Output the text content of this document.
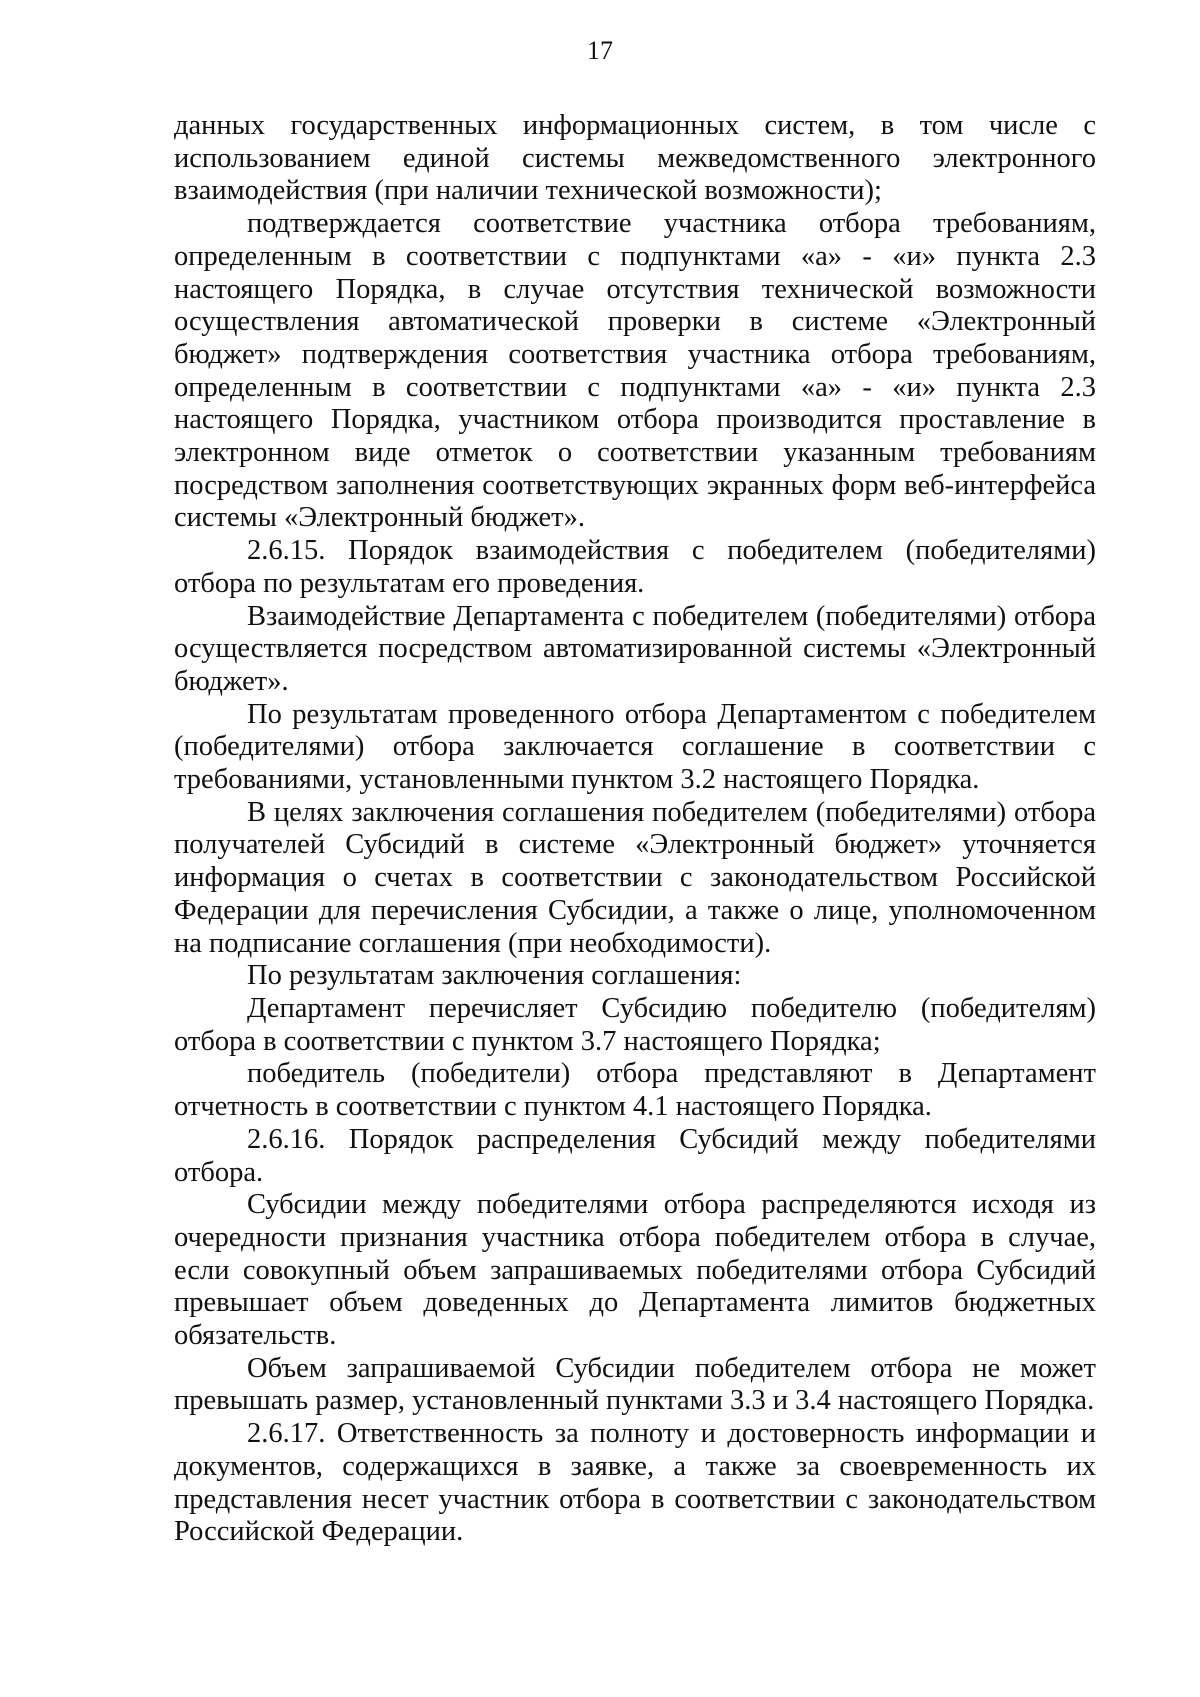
17

данных государственных информационных систем, в том числе с использованием единой системы межведомственного электронного взаимодействия (при наличии технической возможности);

подтверждается соответствие участника отбора требованиям, определенным в соответствии с подпунктами «а» - «и» пункта 2.3 настоящего Порядка, в случае отсутствия технической возможности осуществления автоматической проверки в системе «Электронный бюджет» подтверждения соответствия участника отбора требованиям, определенным в соответствии с подпунктами «а» - «и» пункта 2.3 настоящего Порядка, участником отбора производится проставление в электронном виде отметок о соответствии указанным требованиям посредством заполнения соответствующих экранных форм веб-интерфейса системы «Электронный бюджет».

2.6.15. Порядок взаимодействия с победителем (победителями) отбора по результатам его проведения.

Взаимодействие Департамента с победителем (победителями) отбора осуществляется посредством автоматизированной системы «Электронный бюджет».

По результатам проведенного отбора Департаментом с победителем (победителями) отбора заключается соглашение в соответствии с требованиями, установленными пунктом 3.2 настоящего Порядка.

В целях заключения соглашения победителем (победителями) отбора получателей Субсидий в системе «Электронный бюджет» уточняется информация о счетах в соответствии с законодательством Российской Федерации для перечисления Субсидии, а также о лице, уполномоченном на подписание соглашения (при необходимости).

По результатам заключения соглашения:

Департамент перечисляет Субсидию победителю (победителям) отбора в соответствии с пунктом 3.7 настоящего Порядка;

победитель (победители) отбора представляют в Департамент отчетность в соответствии с пунктом 4.1 настоящего Порядка.

2.6.16. Порядок распределения Субсидий между победителями отбора.

Субсидии между победителями отбора распределяются исходя из очередности признания участника отбора победителем отбора в случае, если совокупный объем запрашиваемых победителями отбора Субсидий превышает объем доведенных до Департамента лимитов бюджетных обязательств.

Объем запрашиваемой Субсидии победителем отбора не может превышать размер, установленный пунктами 3.3 и 3.4 настоящего Порядка.

2.6.17. Ответственность за полноту и достоверность информации и документов, содержащихся в заявке, а также за своевременность их представления несет участник отбора в соответствии с законодательством Российской Федерации.
